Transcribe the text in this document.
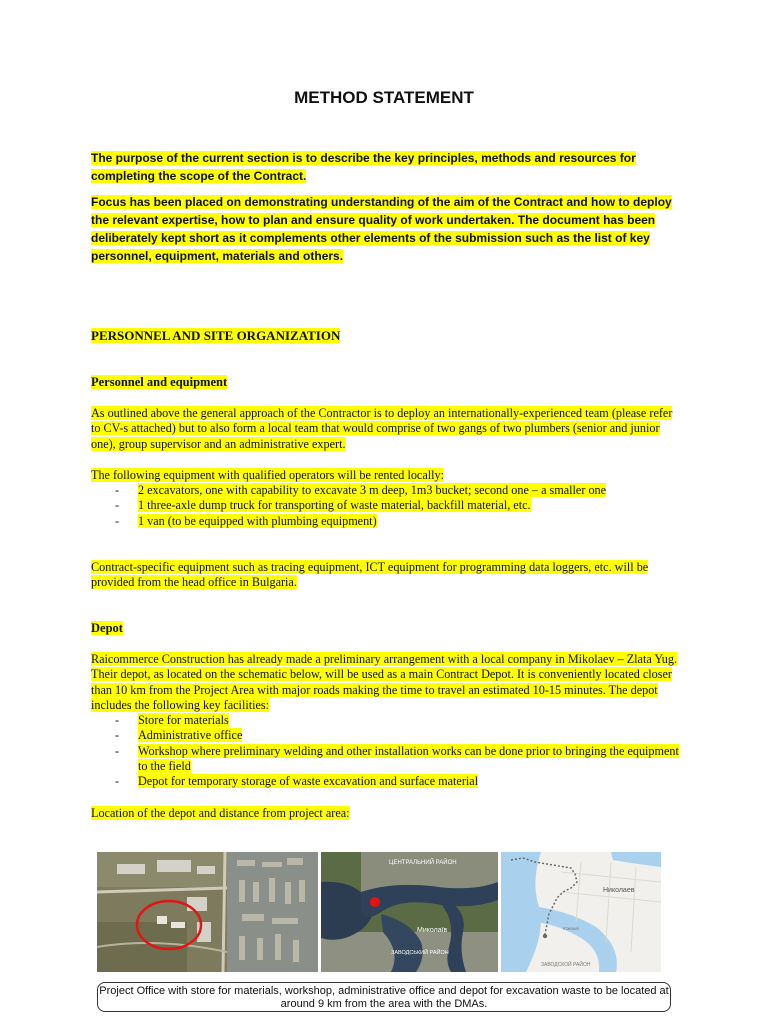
METHOD STATEMENT
The purpose of the current section is to describe the key principles, methods and resources for completing the scope of the Contract.
Focus has been placed on demonstrating understanding of the aim of the Contract and how to deploy the relevant expertise, how to plan and ensure quality of work undertaken. The document has been deliberately kept short as it complements other elements of the submission such as the list of key personnel, equipment, materials and others.
PERSONNEL AND SITE ORGANIZATION
Personnel and equipment
As outlined above the general approach of the Contractor is to deploy an internationally-experienced team (please refer to CV-s attached) but to also form a local team that would comprise of two gangs of two plumbers (senior and junior one), group supervisor and an administrative expert.
The following equipment with qualified operators will be rented locally:
- 2 excavators, one with capability to excavate 3 m deep, 1m3 bucket; second one – a smaller one
- 1 three-axle dump truck for transporting of waste material, backfill material, etc.
- 1 van (to be equipped with plumbing equipment)
Contract-specific equipment such as tracing equipment, ICT equipment for programming data loggers, etc. will be provided from the head office in Bulgaria.
Depot
Raicommerce Construction has already made a preliminary arrangement with a local company in Mikolaev – Zlata Yug. Their depot, as located on the schematic below, will be used as a main Contract Depot. It is conveniently located closer than 10 km from the Project Area with major roads making the time to travel an estimated 10-15 minutes. The depot includes the following key facilities:
- Store for materials
- Administrative office
- Workshop where preliminary welding and other installation works can be done prior to bringing the equipment to the field
- Depot for temporary storage of waste excavation and surface material
Location of the depot and distance from project area:
ЦЕНТРАЛЬНИЙ РАЙОН
Миколаїв
ЗАВОДСЬКИЙ РАЙОН
Николаев
Южный
ЗАВОДСКОЙ РАЙОН
Project Office with store for materials, workshop, administrative office and depot for excavation waste to be located at around 9 km from the area with the DMAs.
